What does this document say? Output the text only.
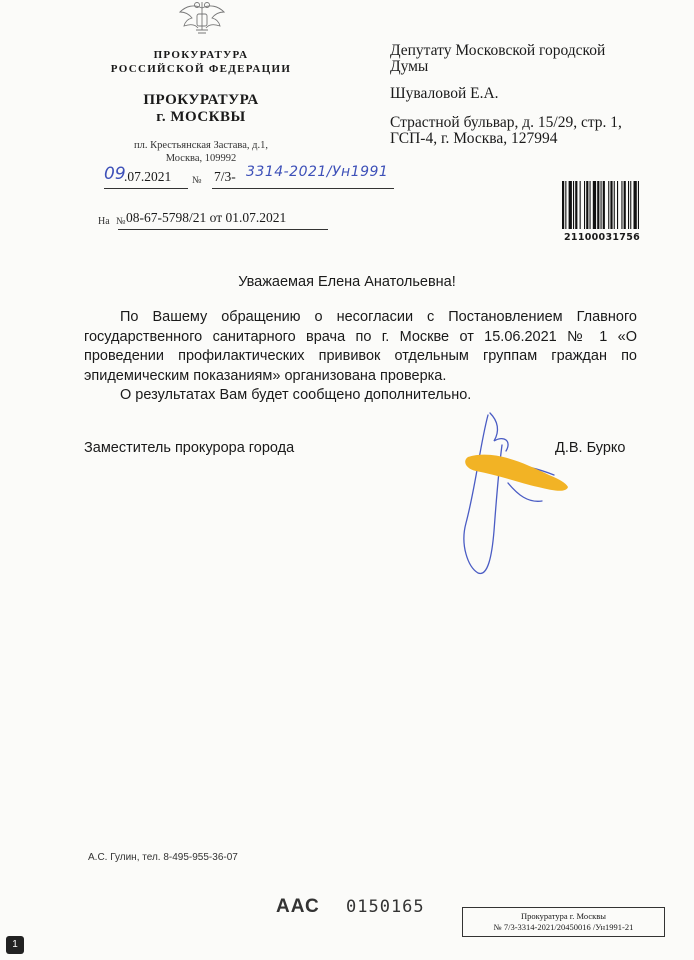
ПРОКУРАТУРА
РОССИЙСКОЙ ФЕДЕРАЦИИ
ПРОКУРАТУРА
г. МОСКВЫ
пл. Крестьянская Застава, д.1,
Москва, 109992
Депутату Московской городской Думы
Шуваловой Е.А.
Страстной бульвар, д. 15/29, стр. 1, ГСП-4, г. Москва, 127994
09
.07.2021 № 7/3- 3314-2021/Ун1991
На № 08-67-5798/21 от 01.07.2021
21100031756
Уважаемая Елена Анатольевна!

По Вашему обращению о несогласии с Постановлением Главного государственного санитарного врача по г. Москве от 15.06.2021 № 1 «О проведении профилактических прививок отдельным группам граждан по эпидемическим показаниям» организована проверка.

О результатах Вам будет сообщено дополнительно.

Заместитель прокурора города	Д.В. Бурко
А.С. Гулин, тел. 8-495-955-36-07
ААС 0150165	Прокуратура г. Москвы
№ 7/3-3314-2021/20450016 /Ун1991-21
1
